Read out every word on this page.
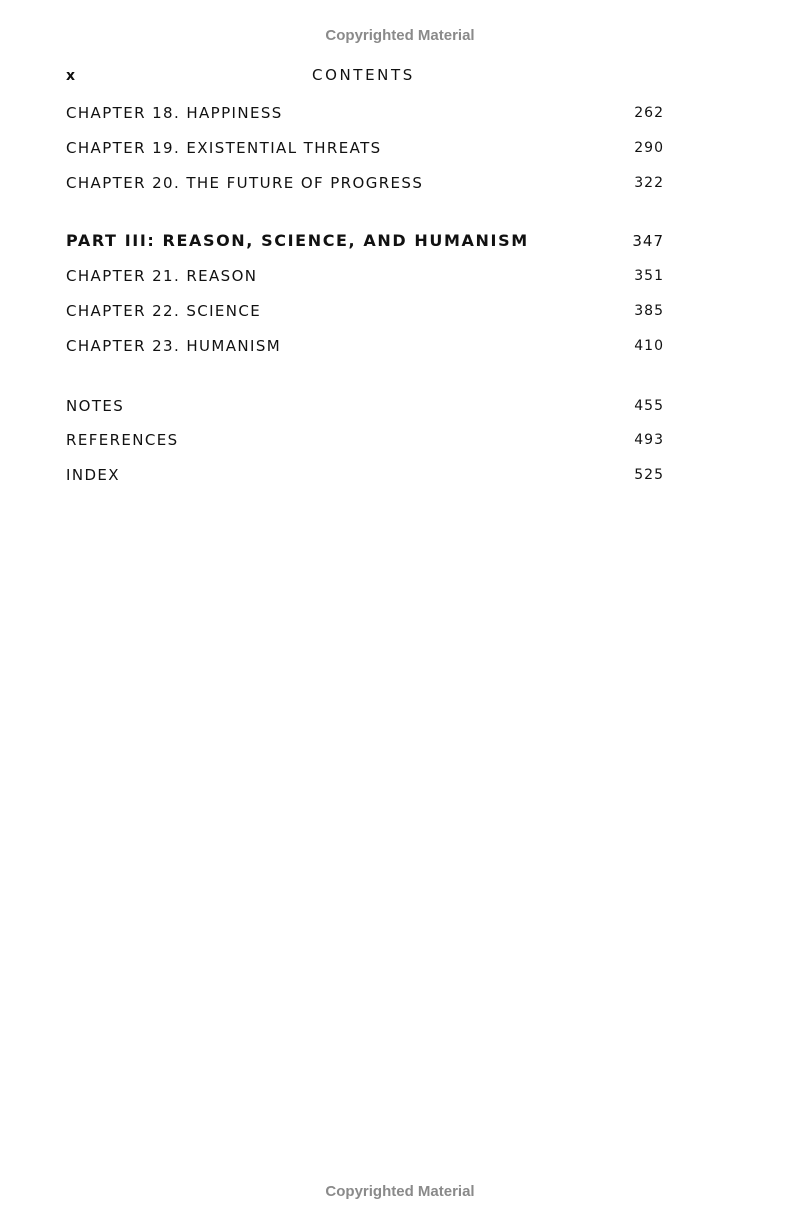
Copyrighted Material
x	CONTENTS
CHAPTER 18. HAPPINESS	262
CHAPTER 19. EXISTENTIAL THREATS	290
CHAPTER 20. THE FUTURE OF PROGRESS	322
PART III: REASON, SCIENCE, AND HUMANISM	347
CHAPTER 21. REASON	351
CHAPTER 22. SCIENCE	385
CHAPTER 23. HUMANISM	410
NOTES	455
REFERENCES	493
INDEX	525
Copyrighted Material
